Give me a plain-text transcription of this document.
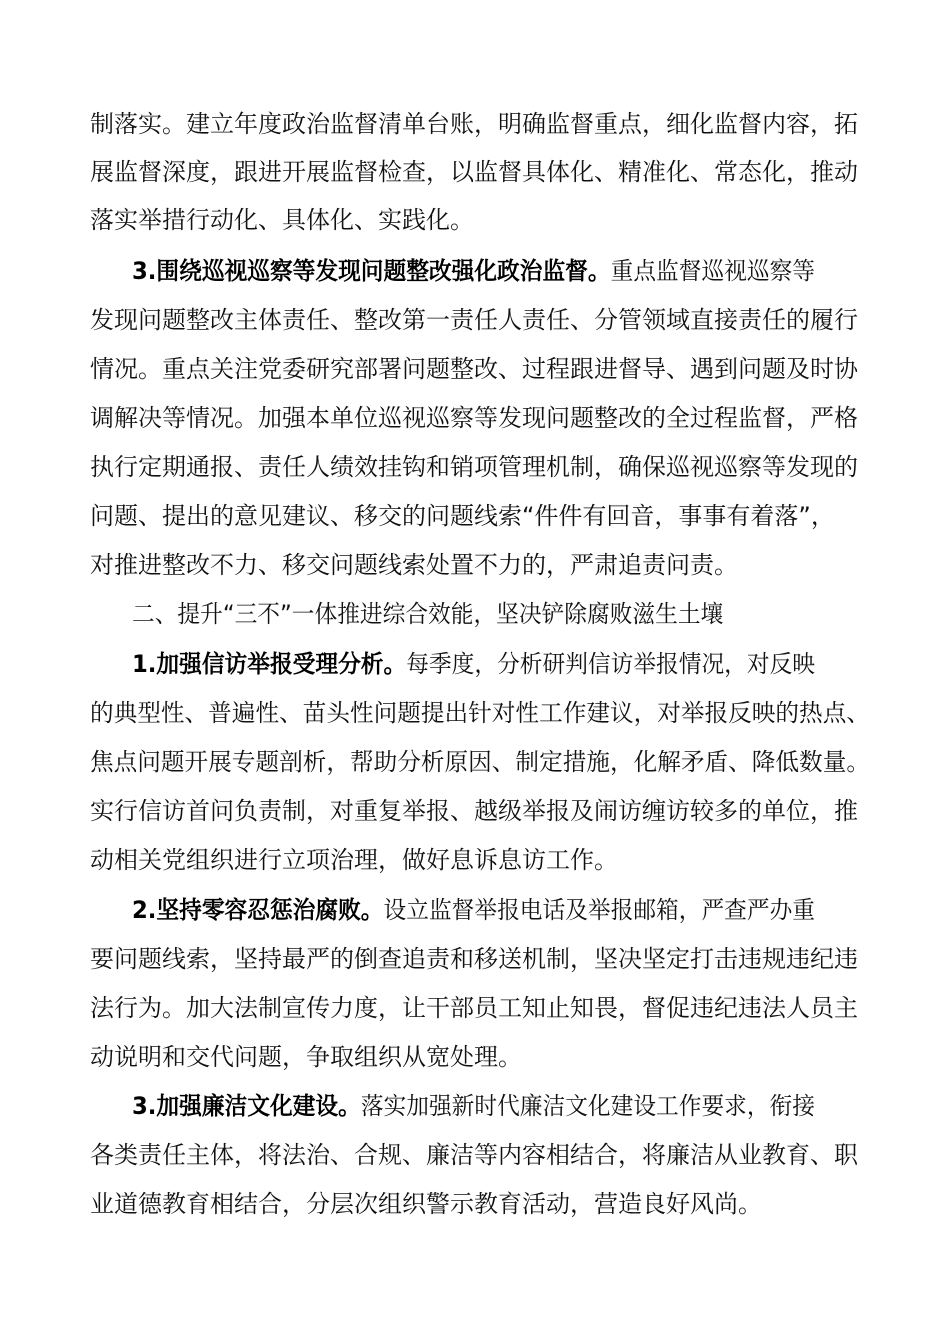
制落实。建立年度政治监督清单台账，明确监督重点，细化监督内容，拓
展监督深度，跟进开展监督检查，以监督具体化、精准化、常态化，推动
落实举措行动化、具体化、实践化。
3.围绕巡视巡察等发现问题整改强化政治监督。重点监督巡视巡察等
发现问题整改主体责任、整改第一责任人责任、分管领域直接责任的履行
情况。重点关注党委研究部署问题整改、过程跟进督导、遇到问题及时协
调解决等情况。加强本单位巡视巡察等发现问题整改的全过程监督，严格
执行定期通报、责任人绩效挂钩和销项管理机制，确保巡视巡察等发现的
问题、提出的意见建议、移交的问题线索“件件有回音，事事有着落”，
对推进整改不力、移交问题线索处置不力的，严肃追责问责。
二、提升“三不”一体推进综合效能，坚决铲除腐败滋生土壤
1.加强信访举报受理分析。每季度，分析研判信访举报情况，对反映
的典型性、普遍性、苗头性问题提出针对性工作建议，对举报反映的热点、
焦点问题开展专题剖析，帮助分析原因、制定措施，化解矛盾、降低数量。
实行信访首问负责制，对重复举报、越级举报及闹访缠访较多的单位，推
动相关党组织进行立项治理，做好息诉息访工作。
2.坚持零容忍惩治腐败。设立监督举报电话及举报邮箱，严查严办重
要问题线索，坚持最严的倒查追责和移送机制，坚决坚定打击违规违纪违
法行为。加大法制宣传力度，让干部员工知止知畏，督促违纪违法人员主
动说明和交代问题，争取组织从宽处理。
3.加强廉洁文化建设。落实加强新时代廉洁文化建设工作要求，衔接
各类责任主体，将法治、合规、廉洁等内容相结合，将廉洁从业教育、职
业道德教育相结合，分层次组织警示教育活动，营造良好风尚。
